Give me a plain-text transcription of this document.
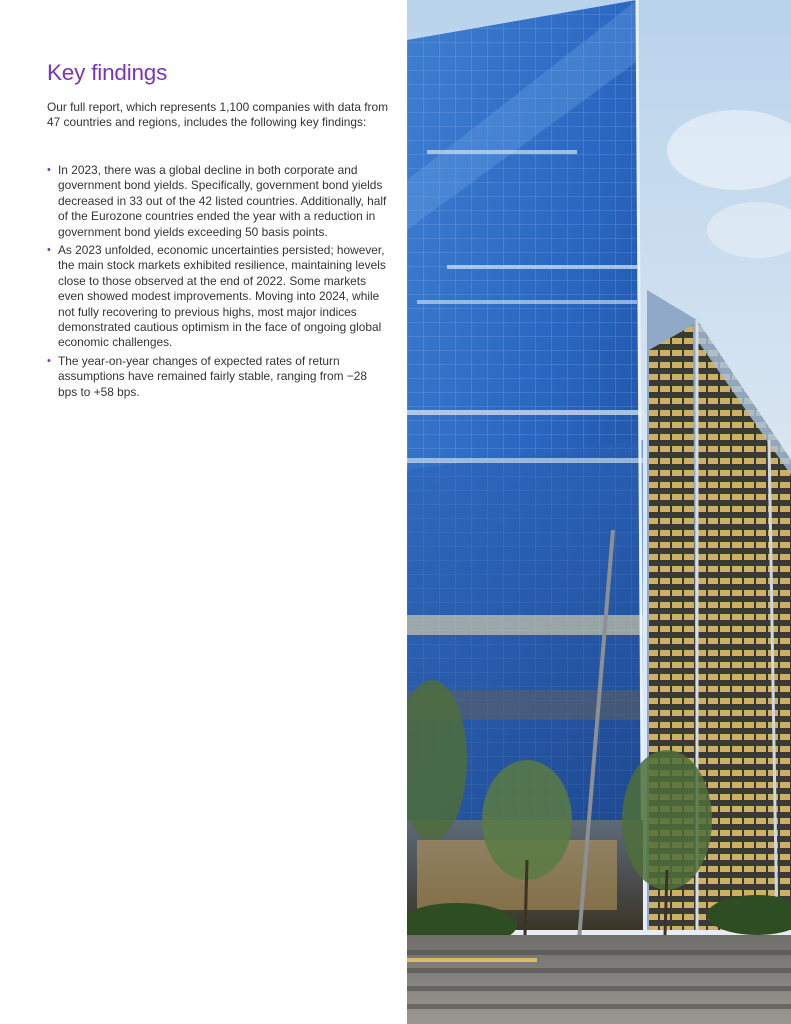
Key findings

Our full report, which represents 1,100 companies with data from 47 countries and regions, includes the following key findings:

• In 2023, there was a global decline in both corporate and government bond yields. Specifically, government bond yields decreased in 33 out of the 42 listed countries. Additionally, half of the Eurozone countries ended the year with a reduction in government bond yields exceeding 50 basis points.
• As 2023 unfolded, economic uncertainties persisted; however, the main stock markets exhibited resilience, maintaining levels close to those observed at the end of 2022. Some markets even showed modest improvements. Moving into 2024, while not fully recovering to previous highs, most major indices demonstrated cautious optimism in the face of ongoing global economic challenges.
• The year-on-year changes of expected rates of return assumptions have remained fairly stable, ranging from −28 bps to +58 bps.
